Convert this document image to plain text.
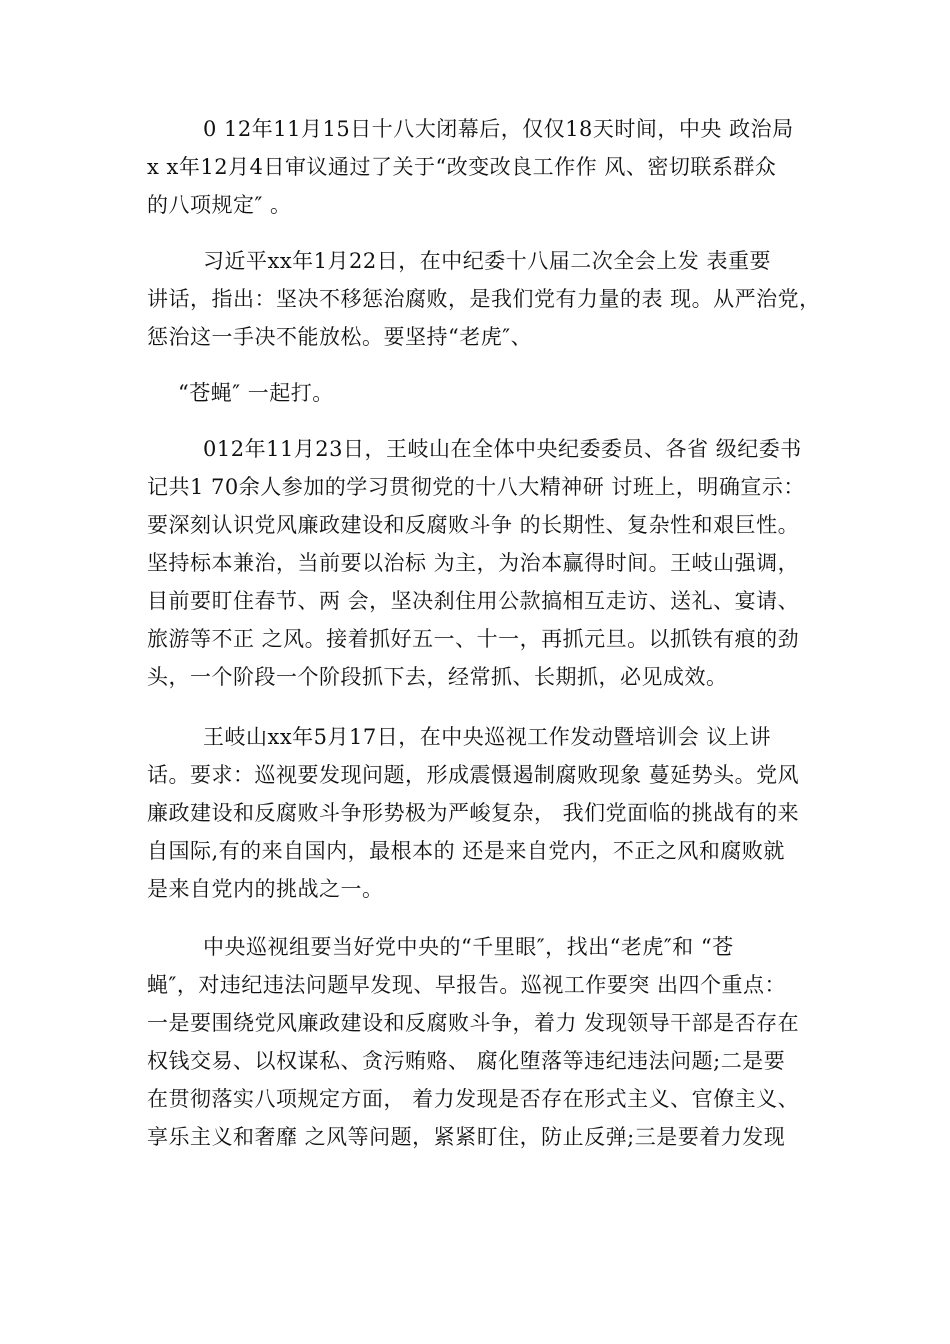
0 12年11月15日十八大闭幕后，仅仅18天时间，中央 政治局
x x年12月4日审议通过了关于“改变改良工作作 风、密切联系群众
的八项规定″ 。
习近平xx年1月22日，在中纪委十八届二次全会上发 表重要
讲话，指出：坚决不移惩治腐败，是我们党有力量的表 现。从严治党，
惩治这一手决不能放松。要坚持“老虎″、
“苍蝇″ 一起打。
012年11月23日，王岐山在全体中央纪委委员、各省 级纪委书
记共1 70余人参加的学习贯彻党的十八大精神研 讨班上，明确宣示：
要深刻认识党风廉政建设和反腐败斗争 的长期性、复杂性和艰巨性。
坚持标本兼治，当前要以治标 为主，为治本赢得时间。王岐山强调，
目前要盯住春节、两 会，坚决刹住用公款搞相互走访、送礼、宴请、
旅游等不正 之风。接着抓好五一、十一，再抓元旦。以抓铁有痕的劲
头，一个阶段一个阶段抓下去，经常抓、长期抓，必见成效。
王岐山xx年5月17日，在中央巡视工作发动暨培训会 议上讲
话。要求：巡视要发现问题，形成震慑遏制腐败现象 蔓延势头。党风
廉政建设和反腐败斗争形势极为严峻复杂， 我们党面临的挑战有的来
自国际,有的来自国内，最根本的 还是来自党内，不正之风和腐败就
是来自党内的挑战之一。
中央巡视组要当好党中央的“千里眼″，找出“老虎″和 “苍
蝇″，对违纪违法问题早发现、早报告。巡视工作要突 出四个重点：
一是要围绕党风廉政建设和反腐败斗争，着力 发现领导干部是否存在
权钱交易、以权谋私、贪污贿赂、 腐化堕落等违纪违法问题;二是要
在贯彻落实八项规定方面， 着力发现是否存在形式主义、官僚主义、
享乐主义和奢靡 之风等问题，紧紧盯住，防止反弹;三是要着力发现
